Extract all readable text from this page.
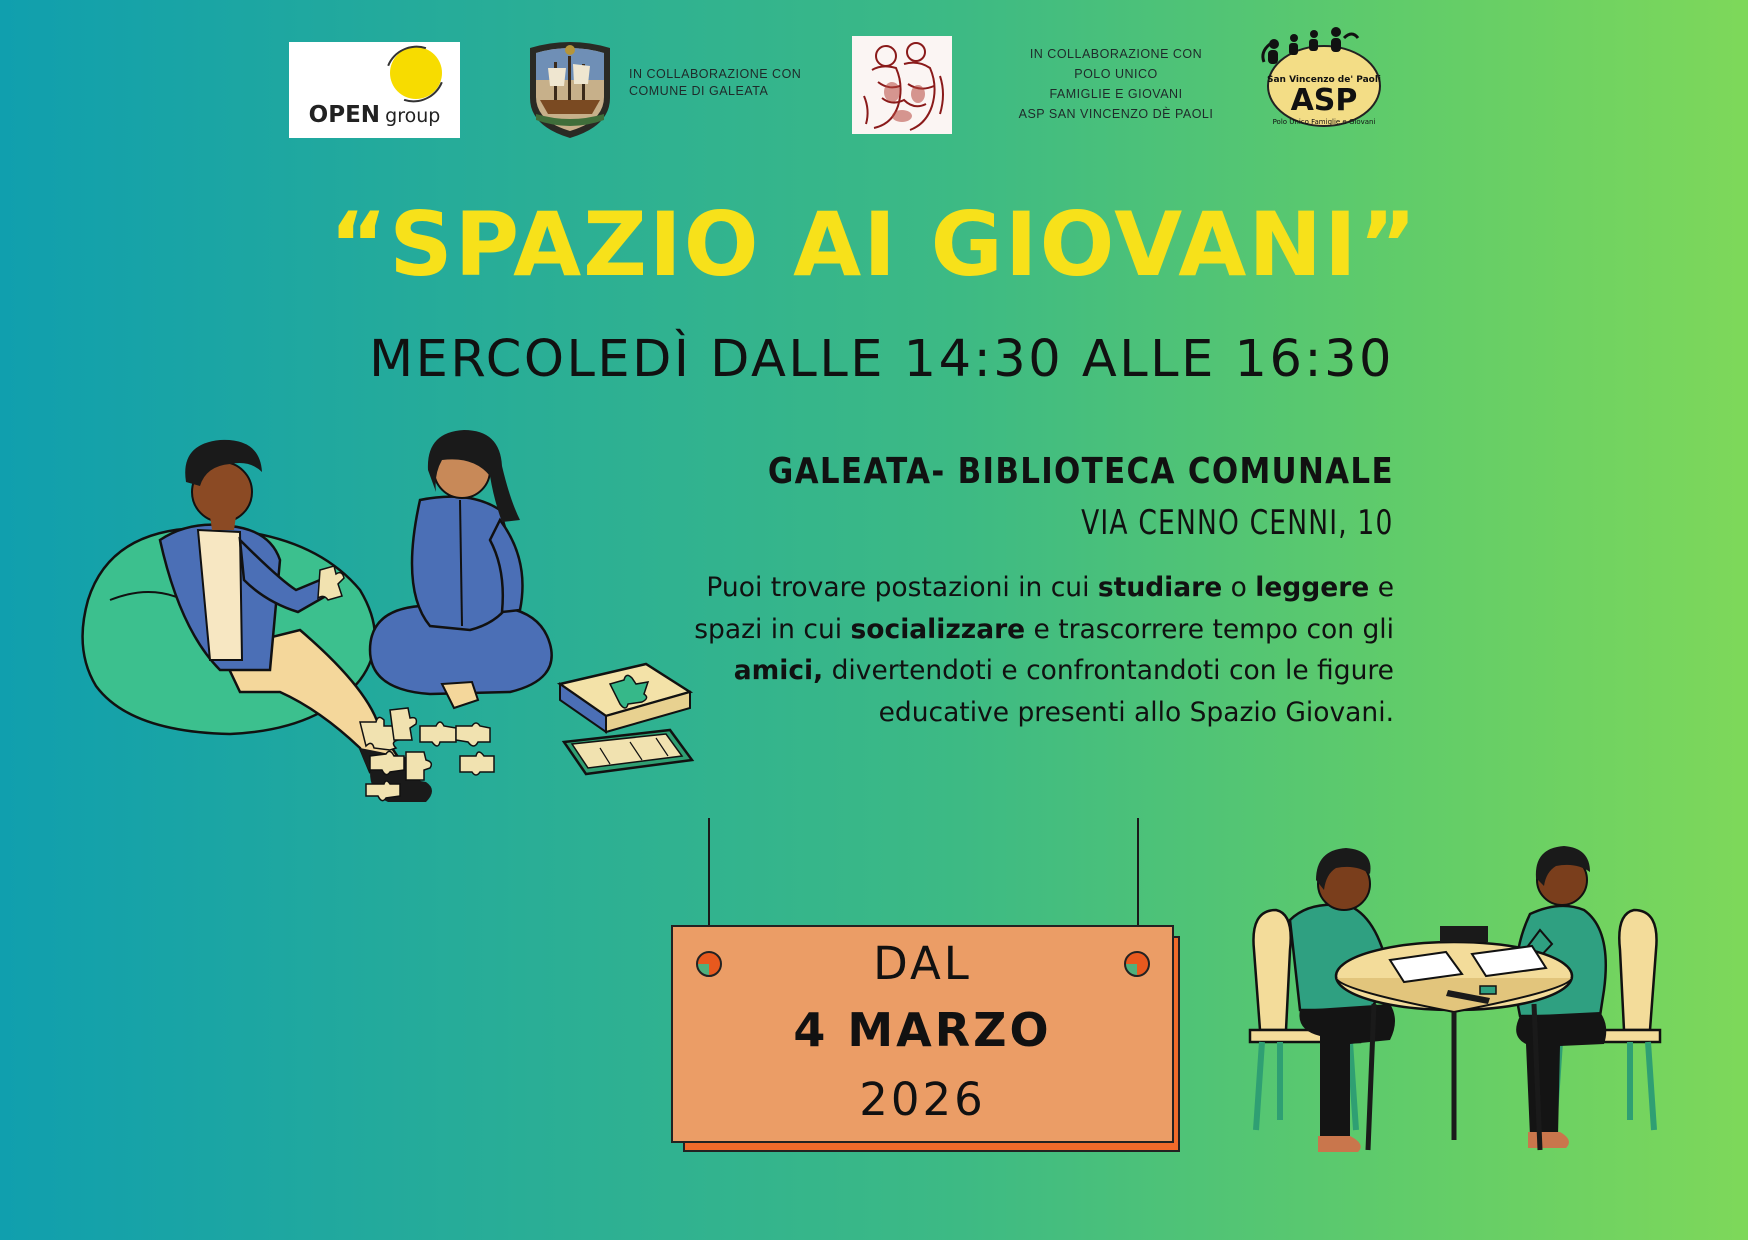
OPEN group
IN COLLABORAZIONE CON
COMUNE DI GALEATA
IN COLLABORAZIONE CON
POLO UNICO
FAMIGLIE E GIOVANI
ASP SAN VINCENZO DÈ PAOLI
San Vincenzo de' Paoli
ASP
Polo Unico Famiglie e Giovani
“SPAZIO AI GIOVANI”

MERCOLEDÌ DALLE 14:30 ALLE 16:30

GALEATA- BIBLIOTECA COMUNALE

VIA CENNO CENNI, 10

Puoi trovare postazioni in cui studiare o leggere e spazi in cui socializzare e trascorrere tempo con gli amici, divertendoti e confrontandoti con le figure educative presenti allo Spazio Giovani.

DAL

4 MARZO

2026
